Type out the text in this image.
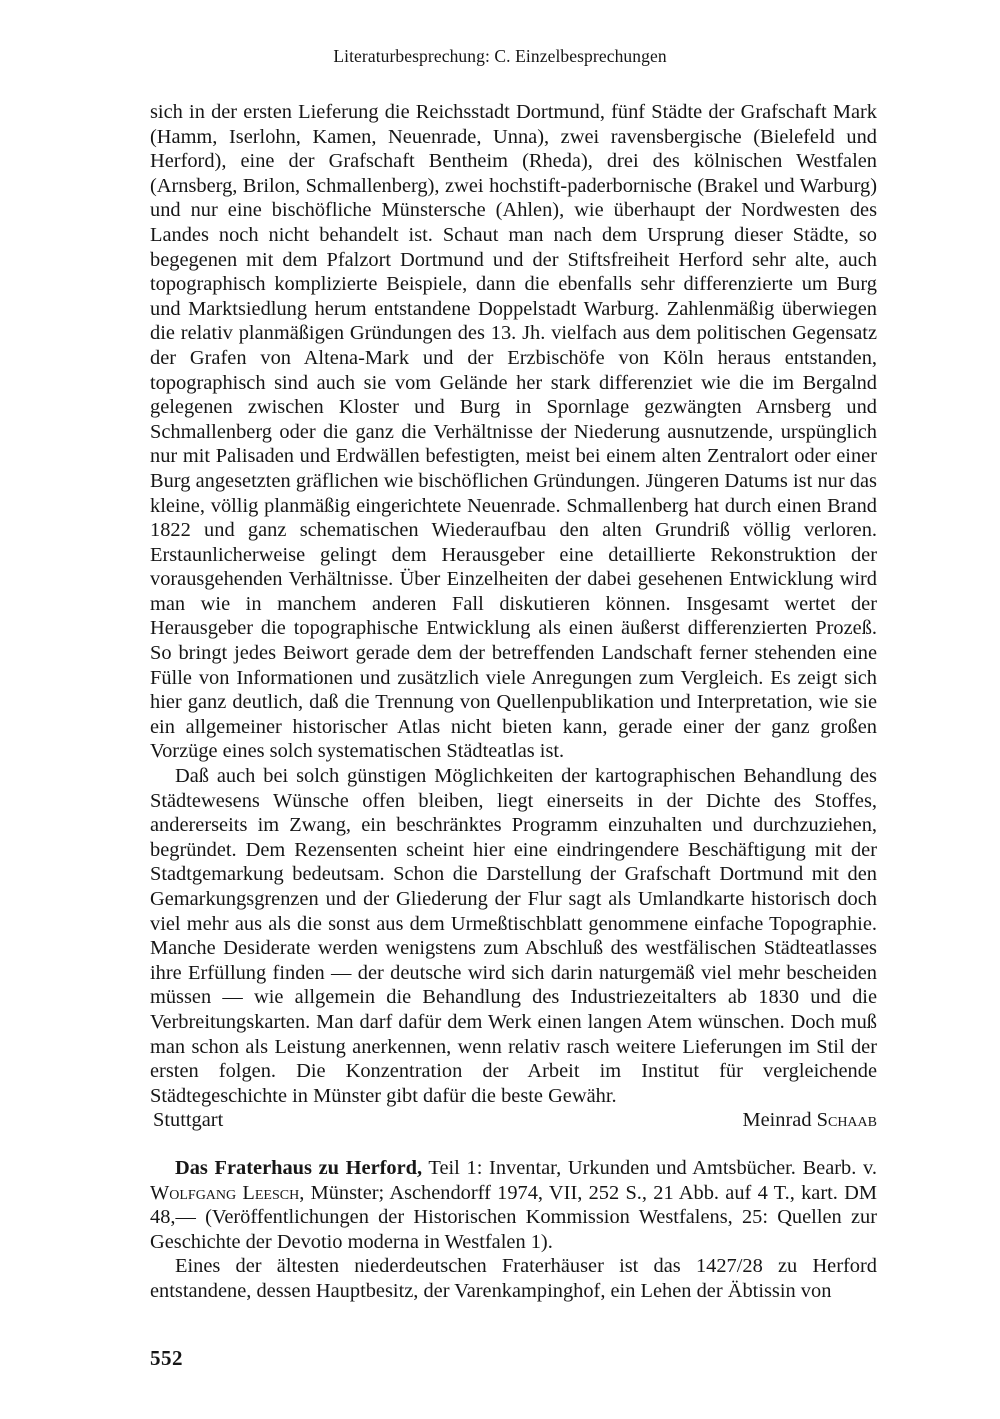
Literaturbesprechung: C. Einzelbesprechungen

sich in der ersten Lieferung die Reichsstadt Dortmund, fünf Städte der Grafschaft Mark (Hamm, Iserlohn, Kamen, Neuenrade, Unna), zwei ravensbergische (Bielefeld und Herford), eine der Grafschaft Bentheim (Rheda), drei des kölnischen Westfalen (Arnsberg, Brilon, Schmallenberg), zwei hochstift-paderbornische (Brakel und Warburg) und nur eine bischöfliche Münstersche (Ahlen), wie überhaupt der Nordwesten des Landes noch nicht behandelt ist. Schaut man nach dem Ursprung dieser Städte, so begegenen mit dem Pfalzort Dortmund und der Stiftsfreiheit Herford sehr alte, auch topographisch komplizierte Beispiele, dann die ebenfalls sehr differenzierte um Burg und Marktsiedlung herum entstandene Doppelstadt Warburg. Zahlenmäßig überwiegen die relativ planmäßigen Gründungen des 13. Jh. vielfach aus dem politischen Gegensatz der Grafen von Altena-Mark und der Erzbischöfe von Köln heraus entstanden, topographisch sind auch sie vom Gelände her stark differenziet wie die im Bergalnd gelegenen zwischen Kloster und Burg in Spornlage gezwängten Arnsberg und Schmallenberg oder die ganz die Verhältnisse der Niederung ausnutzende, urspünglich nur mit Palisaden und Erdwällen befestigten, meist bei einem alten Zentralort oder einer Burg angesetzten gräflichen wie bischöflichen Gründungen. Jüngeren Datums ist nur das kleine, völlig planmäßig eingerichtete Neuenrade. Schmallenberg hat durch einen Brand 1822 und ganz schematischen Wiederaufbau den alten Grundriß völlig verloren. Erstaunlicherweise gelingt dem Herausgeber eine detaillierte Rekonstruktion der vorausgehenden Verhältnisse. Über Einzelheiten der dabei gesehenen Entwicklung wird man wie in manchem anderen Fall diskutieren können. Insgesamt wertet der Herausgeber die topographische Entwicklung als einen äußerst differenzierten Prozeß. So bringt jedes Beiwort gerade dem der betreffenden Landschaft ferner stehenden eine Fülle von Informationen und zusätzlich viele Anregungen zum Vergleich. Es zeigt sich hier ganz deutlich, daß die Trennung von Quellenpublikation und Interpretation, wie sie ein allgemeiner historischer Atlas nicht bieten kann, gerade einer der ganz großen Vorzüge eines solch systematischen Städteatlas ist.

Daß auch bei solch günstigen Möglichkeiten der kartographischen Behandlung des Städtewesens Wünsche offen bleiben, liegt einerseits in der Dichte des Stoffes, andererseits im Zwang, ein beschränktes Programm einzuhalten und durchzuziehen, begründet. Dem Rezensenten scheint hier eine eindringendere Beschäftigung mit der Stadtgemarkung bedeutsam. Schon die Darstellung der Grafschaft Dortmund mit den Gemarkungsgrenzen und der Gliederung der Flur sagt als Umlandkarte historisch doch viel mehr aus als die sonst aus dem Urmeßtischblatt genommene einfache Topographie. Manche Desiderate werden wenigstens zum Abschluß des westfälischen Städteatlasses ihre Erfüllung finden — der deutsche wird sich darin naturgemäß viel mehr bescheiden müssen — wie allgemein die Behandlung des Industriezeitalters ab 1830 und die Verbreitungskarten. Man darf dafür dem Werk einen langen Atem wünschen. Doch muß man schon als Leistung anerkennen, wenn relativ rasch weitere Lieferungen im Stil der ersten folgen. Die Konzentration der Arbeit im Institut für vergleichende Städtegeschichte in Münster gibt dafür die beste Gewähr.

Stuttgart	Meinrad Schaab

Das Fraterhaus zu Herford, Teil 1: Inventar, Urkunden und Amtsbücher. Bearb. v. Wolfgang Leesch, Münster; Aschendorff 1974, VII, 252 S., 21 Abb. auf 4 T., kart. DM 48,— (Veröffentlichungen der Historischen Kommission Westfalens, 25: Quellen zur Geschichte der Devotio moderna in Westfalen 1).

Eines der ältesten niederdeutschen Fraterhäuser ist das 1427/28 zu Herford entstandene, dessen Hauptbesitz, der Varenkampinghof, ein Lehen der Äbtissin von

552
